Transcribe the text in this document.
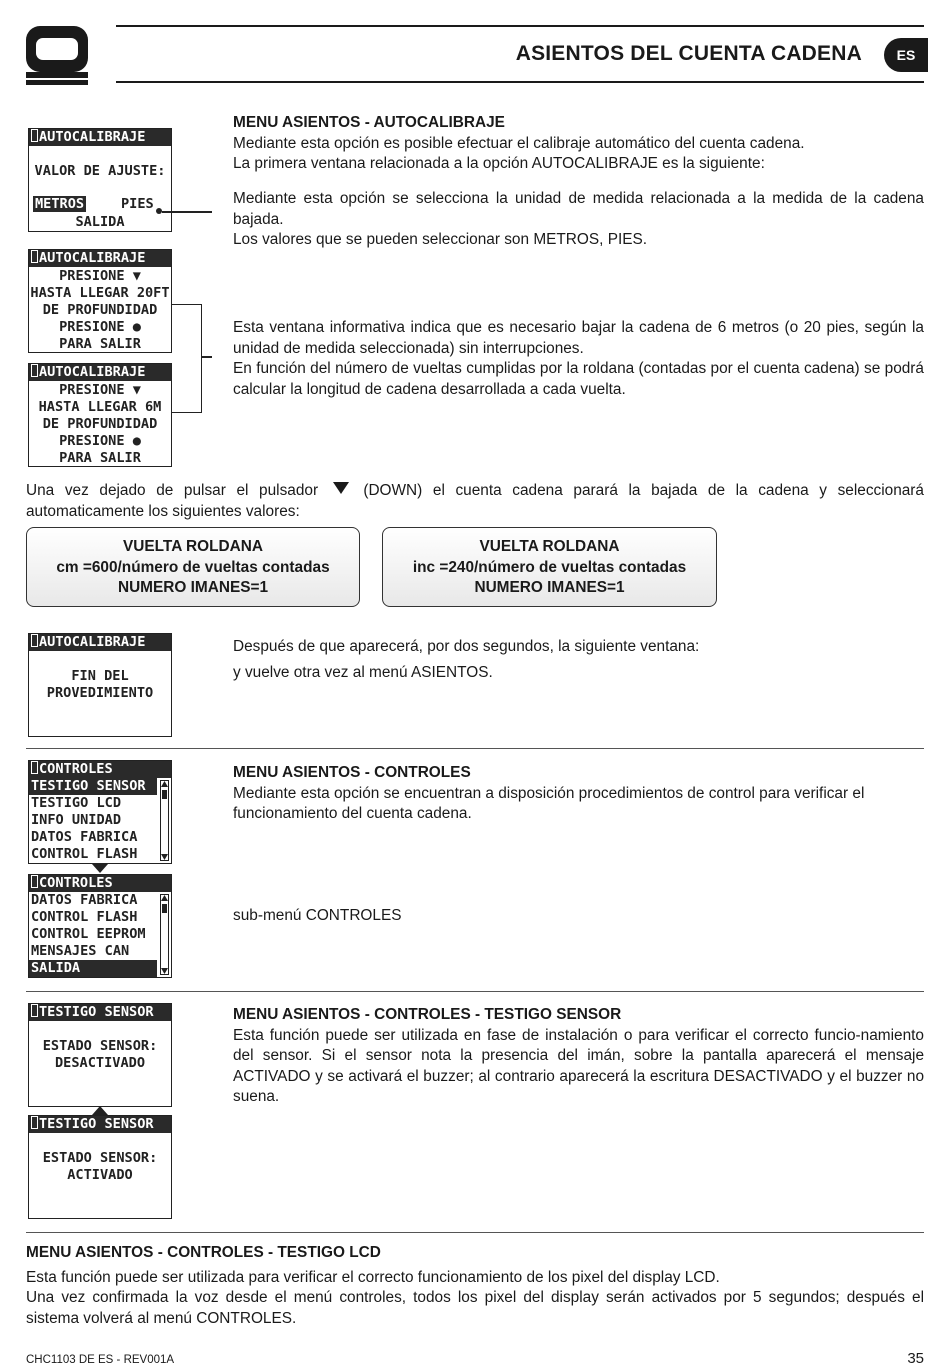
ASIENTOS DEL CUENTA CADENA	ES
AUTOCALIBRAJE
VALOR DE AJUSTE:
METROS	PIES
SALIDA

MENU ASIENTOS - AUTOCALIBRAJE

Mediante esta opción es posible efectuar el calibraje automático del cuenta cadena.

La primera ventana relacionada a la opción AUTOCALIBRAJE es la siguiente:

Mediante esta opción se selecciona la unidad de medida relacionada a la medida de la cadena bajada.

Los valores que se pueden seleccionar son METROS, PIES.

AUTOCALIBRAJE
PRESIONE ▼
HASTA LLEGAR 20FT
DE PROFUNDIDAD
PRESIONE ●
PARA SALIR
AUTOCALIBRAJE
PRESIONE ▼
HASTA LLEGAR 6M
DE PROFUNDIDAD
PRESIONE ●
PARA SALIR

Esta ventana informativa indica que es necesario bajar la cadena de 6 metros (o 20 pies, según la unidad de medida seleccionada) sin interrupciones.

En función del número de vueltas cumplidas por la roldana (contadas por el cuenta cadena) se podrá calcular la longitud de cadena desarrollada a cada vuelta.

Una vez dejado de pulsar el pulsador	(DOWN) el cuenta cadena parará la bajada de la cadena y seleccionará automaticamente los siguientes valores:

VUELTA ROLDANA
cm =600/número de vueltas contadas
NUMERO IMANES=1
VUELTA ROLDANA
inc =240/número de vueltas contadas
NUMERO IMANES=1
AUTOCALIBRAJE
FIN DEL
PROVEDIMIENTO

Después de que aparecerá, por dos segundos, la siguiente ventana:

y vuelve otra vez al menú ASIENTOS.

CONTROLES
TESTIGO SENSOR
TESTIGO LCD
INFO UNIDAD
DATOS FABRICA
CONTROL FLASH
CONTROLES
DATOS FABRICA
CONTROL FLASH
CONTROL EEPROM
MENSAJES CAN
SALIDA

MENU ASIENTOS - CONTROLES

Mediante esta opción se encuentran a disposición procedimientos de control para verificar el funcionamiento del cuenta cadena.

sub-menú CONTROLES

TESTIGO SENSOR
ESTADO SENSOR:
DESACTIVADO
TESTIGO SENSOR
ESTADO SENSOR:
ACTIVADO

MENU ASIENTOS - CONTROLES - TESTIGO SENSOR

Esta función puede ser utilizada en fase de instalación o para verificar el correcto funcio-namiento del sensor. Si el sensor nota la presencia del imán, sobre la pantalla aparecerá el mensaje ACTIVADO y se activará el buzzer; al contrario aparecerá la escritura DESACTIVADO y el buzzer no suena.

MENU ASIENTOS - CONTROLES - TESTIGO LCD

Esta función puede ser utilizada para verificar el correcto funcionamiento de los pixel del display LCD.

Una vez confirmada la voz desde el menú controles, todos los pixel del display serán activados por 5 segundos; después el sistema volverá al menú CONTROLES.

CHC1103 DE ES - REV001A	35
